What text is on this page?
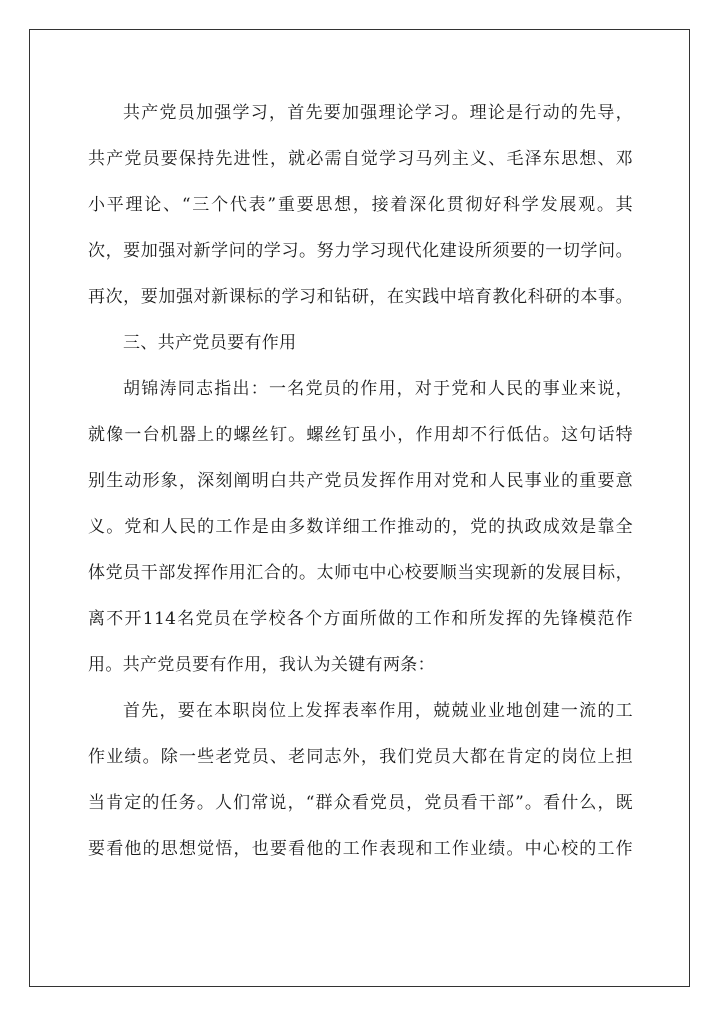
共产党员加强学习，首先要加强理论学习。理论是行动的先导，
共产党员要保持先进性，就必需自觉学习马列主义、毛泽东思想、邓
小平理论、“三个代表”重要思想，接着深化贯彻好科学发展观。其
次，要加强对新学问的学习。努力学习现代化建设所须要的一切学问。
再次，要加强对新课标的学习和钻研，在实践中培育教化科研的本事。
三、共产党员要有作用
胡锦涛同志指出：一名党员的作用，对于党和人民的事业来说，
就像一台机器上的螺丝钉。螺丝钉虽小，作用却不行低估。这句话特
别生动形象，深刻阐明白共产党员发挥作用对党和人民事业的重要意
义。党和人民的工作是由多数详细工作推动的，党的执政成效是靠全
体党员干部发挥作用汇合的。太师屯中心校要顺当实现新的发展目标，
离不开114名党员在学校各个方面所做的工作和所发挥的先锋模范作
用。共产党员要有作用，我认为关键有两条：
首先，要在本职岗位上发挥表率作用，兢兢业业地创建一流的工
作业绩。除一些老党员、老同志外，我们党员大都在肯定的岗位上担
当肯定的任务。人们常说，“群众看党员，党员看干部”。看什么，既
要看他的思想觉悟，也要看他的工作表现和工作业绩。中心校的工作
